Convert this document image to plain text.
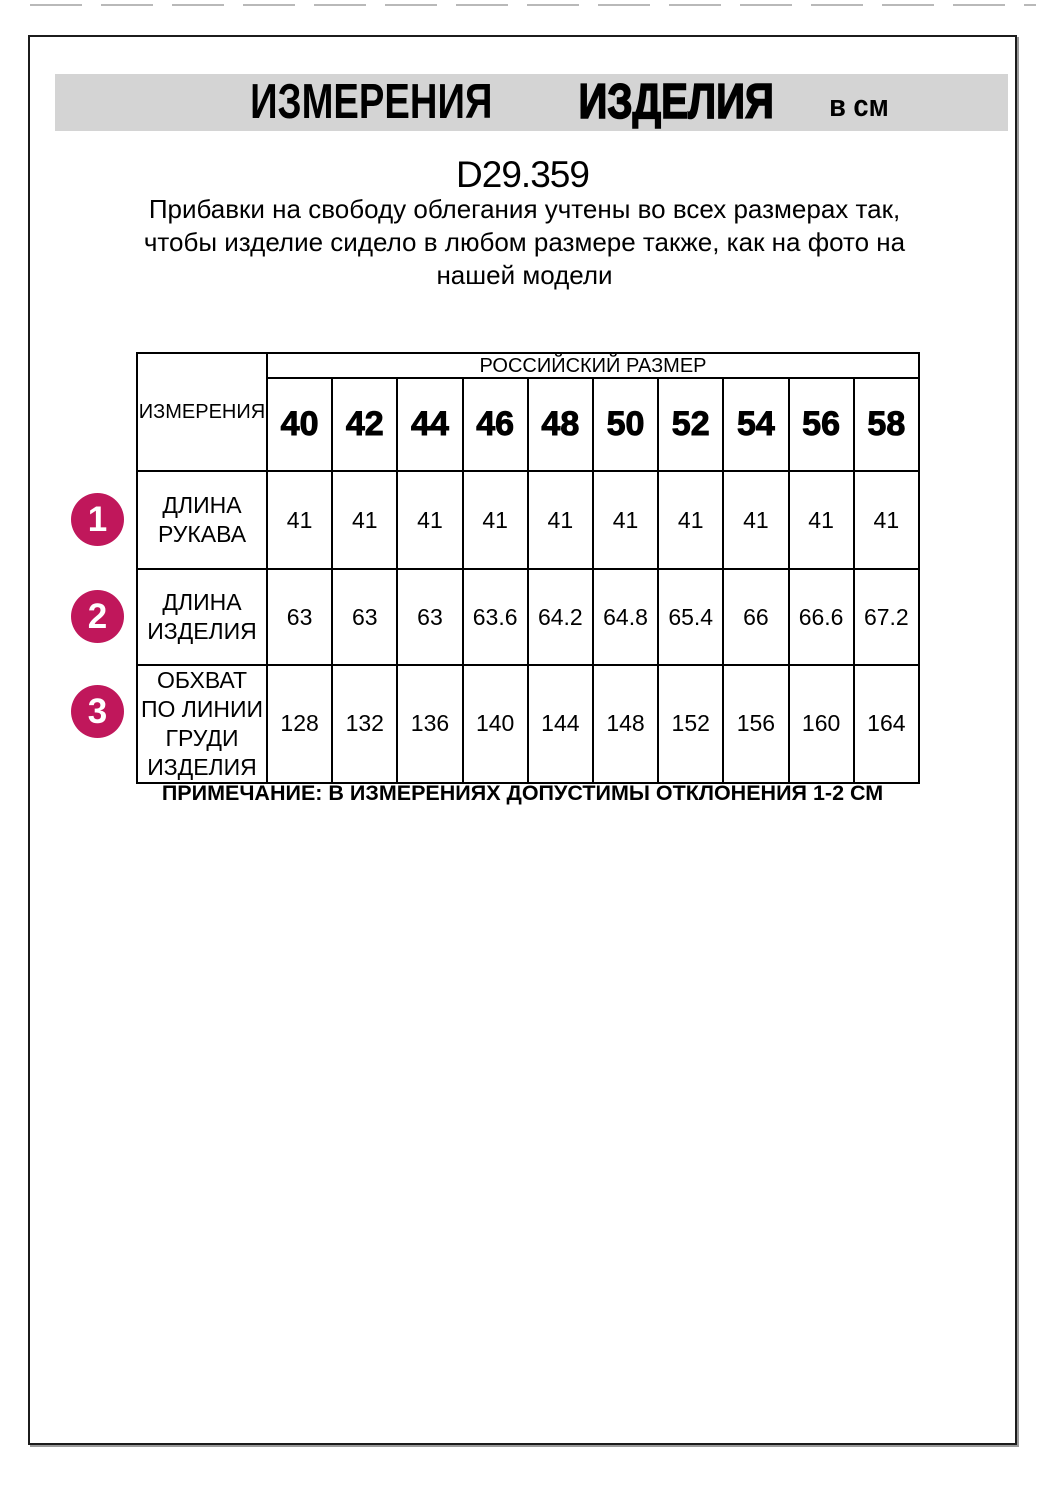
ИЗМЕРЕНИЯ ИЗДЕЛИЯ в см
D29.359
Прибавки на свободу облегания учтены во всех размерах так, чтобы изделие сидело в любом размере также, как на фото на нашей модели
ИЗМЕРЕНИЯ	РОССИЙСКИЙ РАЗМЕР									
	40	42	44	46	48	50	52	54	56	58
ДЛИНА РУКАВА	41	41	41	41	41	41	41	41	41	41
ДЛИНА ИЗДЕЛИЯ	63	63	63	63.6	64.2	64.8	65.4	66	66.6	67.2
ОБХВАТ ПО ЛИНИИ ГРУДИ ИЗДЕЛИЯ	128	132	136	140	144	148	152	156	160	164
1
2
3
ПРИМЕЧАНИЕ: В ИЗМЕРЕНИЯХ ДОПУСТИМЫ ОТКЛОНЕНИЯ 1-2 СМ
